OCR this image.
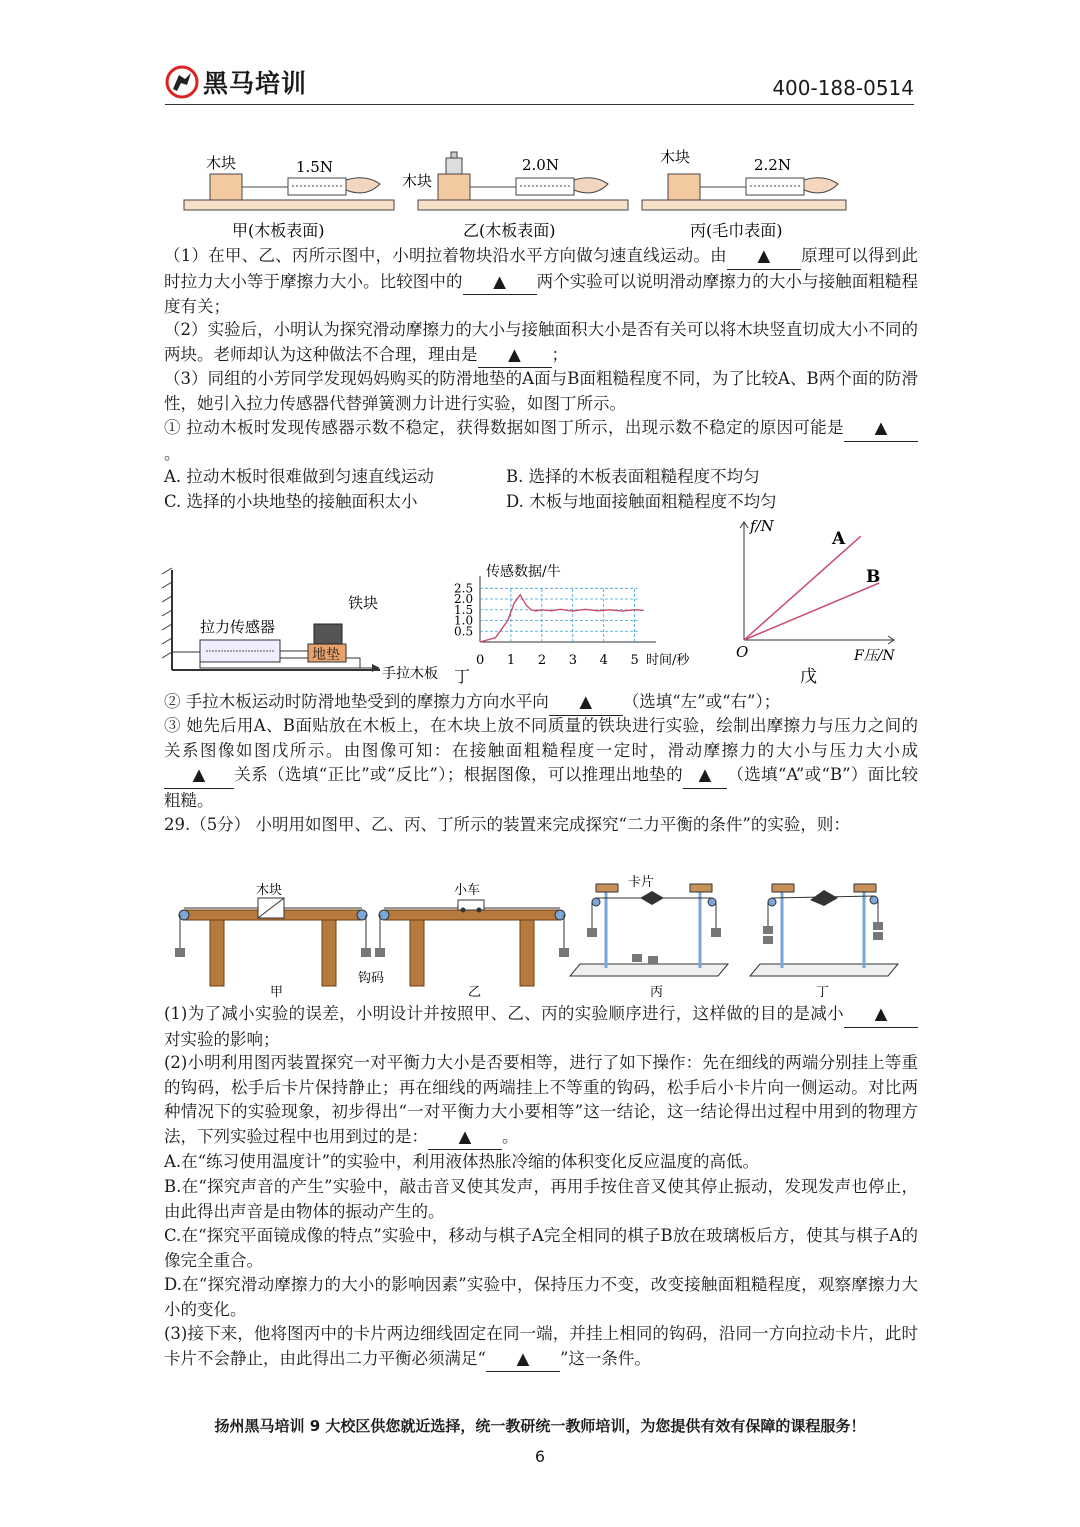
黑马培训	400-188-0514
木块	1.5N
甲(木板表面)
木块
2.0N
乙(木板表面)
木块	2.2N
丙(毛巾表面)
（1）在甲、乙、丙所示图中，小明拉着物块沿水平方向做匀速直线运动。由 ▲ 原理可以得到此时拉力大小等于摩擦力大小。比较图中的 ▲ 两个实验可以说明滑动摩擦力的大小与接触面粗糙程度有关；
（2）实验后，小明认为探究滑动摩擦力的大小与接触面积大小是否有关可以将木块竖直切成大小不同的两块。老师却认为这种做法不合理，理由是 ▲ ；
（3）同组的小芳同学发现妈妈购买的防滑地垫的A面与B面粗糙程度不同，为了比较A、B两个面的防滑性，她引入拉力传感器代替弹簧测力计进行实验，如图丁所示。
① 拉动木板时发现传感器示数不稳定，获得数据如图丁所示，出现示数不稳定的原因可能是 ▲。
A. 拉动木板时很难做到匀速直线运动	B. 选择的木板表面粗糙程度不均匀
C. 选择的小块地垫的接触面积太小	D. 木板与地面接触面粗糙程度不均匀
铁块
拉力传感器
地垫
手拉木板 丁
2.5
2.0
1.5
1.0
0.5
0 1 2 3 4 5
传感数据/牛
时间/秒
A
B
f/N
O	F压/N
戊
② 手拉木板运动时防滑地垫受到的摩擦力方向水平向 ▲ （选填“左”或“右”）；
③ 她先后用A、B面贴放在木板上，在木块上放不同质量的铁块进行实验，绘制出摩擦力与压力之间的关系图像如图戊所示。由图像可知：在接触面粗糙程度一定时，滑动摩擦力的大小与压力大小成▲ 关系（选填“正比”或“反比”）；根据图像，可以推理出地垫的 ▲ （选填“A”或“B”）面比较粗糙。
29.（5分） 小明用如图甲、乙、丙、丁所示的装置来完成探究“二力平衡的条件”的实验，则：
木块
甲
小车
钩码
乙
卡片
丙	丁
(1)为了减小实验的误差，小明设计并按照甲、乙、丙的实验顺序进行，这样做的目的是减小 ▲对实验的影响；
(2)小明利用图丙装置探究一对平衡力大小是否要相等，进行了如下操作：先在细线的两端分别挂上等重的钩码，松手后卡片保持静止；再在细线的两端挂上不等重的钩码，松手后小卡片向一侧运动。对比两种情况下的实验现象，初步得出“一对平衡力大小要相等”这一结论，这一结论得出过程中用到的物理方法，下列实验过程中也用到过的是： ▲ 。
A.在“练习使用温度计”的实验中，利用液体热胀冷缩的体积变化反应温度的高低。
B.在“探究声音的产生”实验中，敲击音叉使其发声，再用手按住音叉使其停止振动，发现发声也停止，由此得出声音是由物体的振动产生的。
C.在“探究平面镜成像的特点”实验中，移动与棋子A完全相同的棋子B放在玻璃板后方，使其与棋子A的像完全重合。
D.在“探究滑动摩擦力的大小的影响因素”实验中，保持压力不变，改变接触面粗糙程度，观察摩擦力大小的变化。
(3)接下来，他将图丙中的卡片两边细线固定在同一端，并挂上相同的钩码，沿同一方向拉动卡片，此时卡片不会静止，由此得出二力平衡必须满足“ ▲ ”这一条件。
扬州黑马培训 9 大校区供您就近选择，统一教研统一教师培训，为您提供有效有保障的课程服务！
6
